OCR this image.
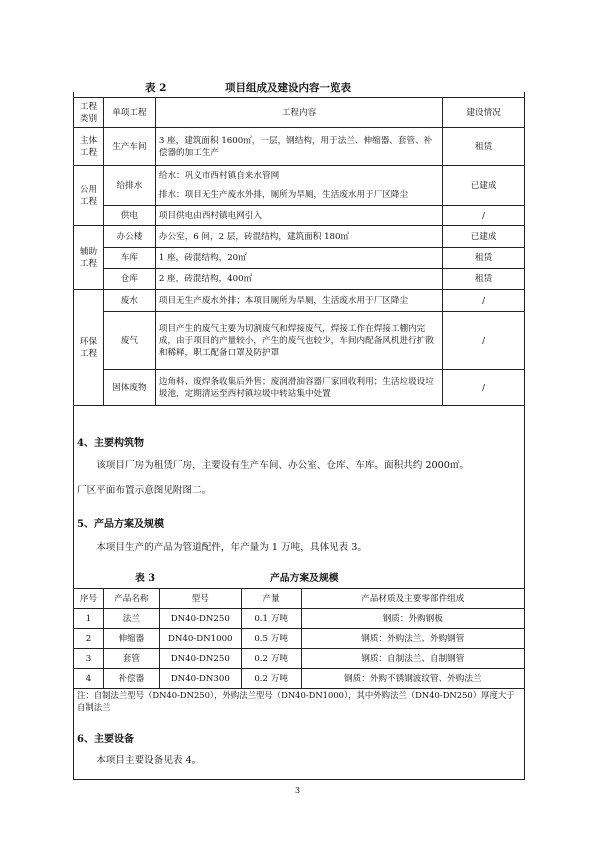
表 2	项目组成及建设内容一览表
工程类别	单项工程	工程内容	建设情况
主体工程	生产车间	3 座，建筑面积 1600㎡，一层，钢结构，用于法兰、伸缩器、套管、补偿器的加工生产	租赁
公用工程	给排水	给水：巩义市西村镇自来水管网	已建成
		排水：项目无生产废水外排，厕所为旱厕，生活废水用于厂区降尘	
	供电	项目供电由西村镇电网引入	/
辅助工程	办公楼	办公室，6 间，2 层，砖混结构，建筑面积 180㎡	已建成
	车库	1 座，砖混结构，20㎡	租赁
	仓库	2 座，砖混结构，400㎡	租赁
环保工程	废水	项目无生产废水外排；本项目厕所为旱厕，生活废水用于厂区降尘	/
	废气	项目产生的废气主要为切割废气和焊接废气，焊接工作在焊接工棚内完成，由于项目的产量较小，产生的废气也较少，车间内配备风机进行扩散和稀释，职工配备口罩及防护罩	/
	固体废物	边角料、废焊条收集后外售；废润滑油容器厂家回收利用；生活垃圾设垃圾池，定期清运至西村镇垃圾中转站集中处置	/
4、主要构筑物
该项目厂房为租赁厂房，主要设有生产车间、办公室、仓库、车库。面积共约 2000㎡。
厂区平面布置示意图见附图二。
5、产品方案及规模
本项目生产的产品为管道配件，年产量为 1 万吨，具体见表 3。
表 3	产品方案及规模
序号	产品名称	型号	产量	产品材质及主要零部件组成
1	法兰	DN40-DN250	0.1 万吨	钢质：外购钢板
2	伸缩器	DN40-DN1000	0.5 万吨	钢质：外购法兰、外购钢管
3	套管	DN40-DN250	0.2 万吨	钢质：自制法兰、自制钢管
4	补偿器	DN40-DN300	0.2 万吨	钢质：外购不锈钢波纹管、外购法兰
注：自制法兰型号（DN40-DN250），外购法兰型号（DN40-DN1000），其中外购法兰（DN40-DN250）厚度大于自制法兰
6、主要设备
本项目主要设备见表 4。
3
